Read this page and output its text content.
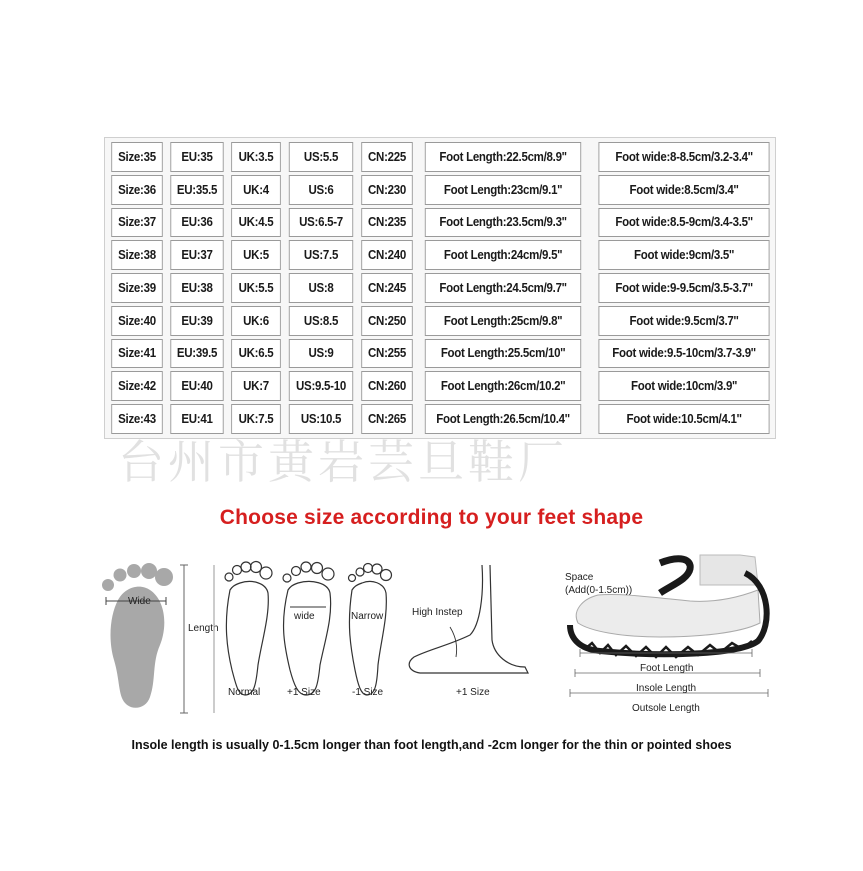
Size:35	EU:35	UK:3.5	US:5.5	CN:225	Foot Length:22.5cm/8.9''	Foot wide:8-8.5cm/3.2-3.4''
Size:36	EU:35.5	UK:4	US:6	CN:230	Foot Length:23cm/9.1''	Foot wide:8.5cm/3.4''
Size:37	EU:36	UK:4.5	US:6.5-7	CN:235	Foot Length:23.5cm/9.3''	Foot wide:8.5-9cm/3.4-3.5''
Size:38	EU:37	UK:5	US:7.5	CN:240	Foot Length:24cm/9.5''	Foot wide:9cm/3.5''
Size:39	EU:38	UK:5.5	US:8	CN:245	Foot Length:24.5cm/9.7''	Foot wide:9-9.5cm/3.5-3.7''
Size:40	EU:39	UK:6	US:8.5	CN:250	Foot Length:25cm/9.8''	Foot wide:9.5cm/3.7''
Size:41	EU:39.5	UK:6.5	US:9	CN:255	Foot Length:25.5cm/10''	Foot wide:9.5-10cm/3.7-3.9''
Size:42	EU:40	UK:7	US:9.5-10	CN:260	Foot Length:26cm/10.2''	Foot wide:10cm/3.9''
Size:43	EU:41	UK:7.5	US:10.5	CN:265	Foot Length:26.5cm/10.4''	Foot wide:10.5cm/4.1''
台州市黄岩芸旦鞋厂
Choose size according to your feet shape
Wide
Length
Normal
wide
+1 Size
Narrow
-1 Size
High Instep
+1 Size
Space
(Add(0-1.5cm))
Foot Length
Insole Length
Outsole Length
Insole length is usually 0-1.5cm longer than foot length,and -2cm longer for the thin or pointed shoes
